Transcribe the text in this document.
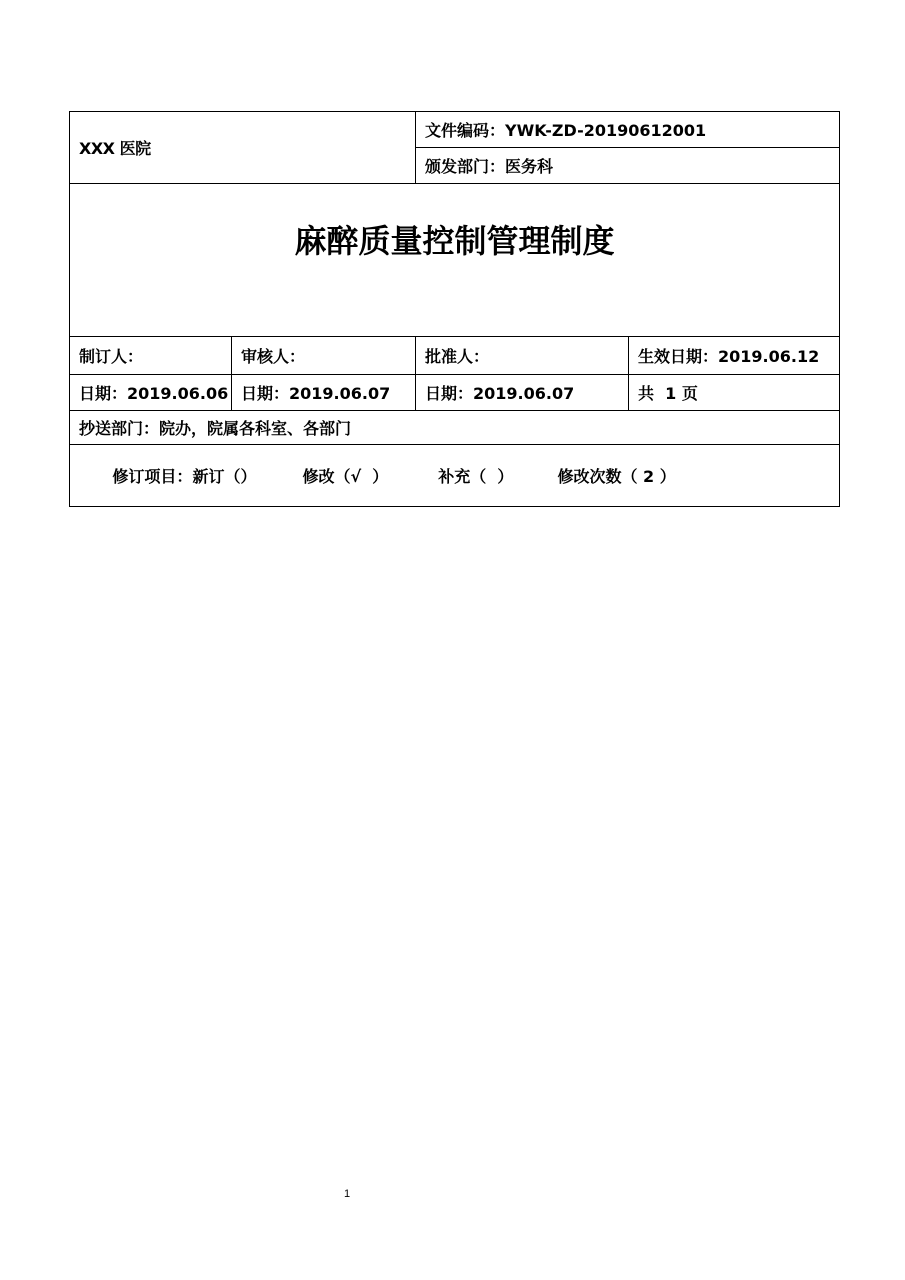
XXX 医院		文件编码：YWK-ZD-20190612001	
		颁发部门：医务科	
麻醉质量控制管理制度			
制订人：	审核人：	批准人：	生效日期：2019.06.12
日期：2019.06.06	日期：2019.06.07	日期：2019.06.07	共  1 页
抄送部门：院办，院属各科室、各部门			

修订项目：新订（） 修改（√  ） 补充（  ） 修改次数（ 2 ）			

1
